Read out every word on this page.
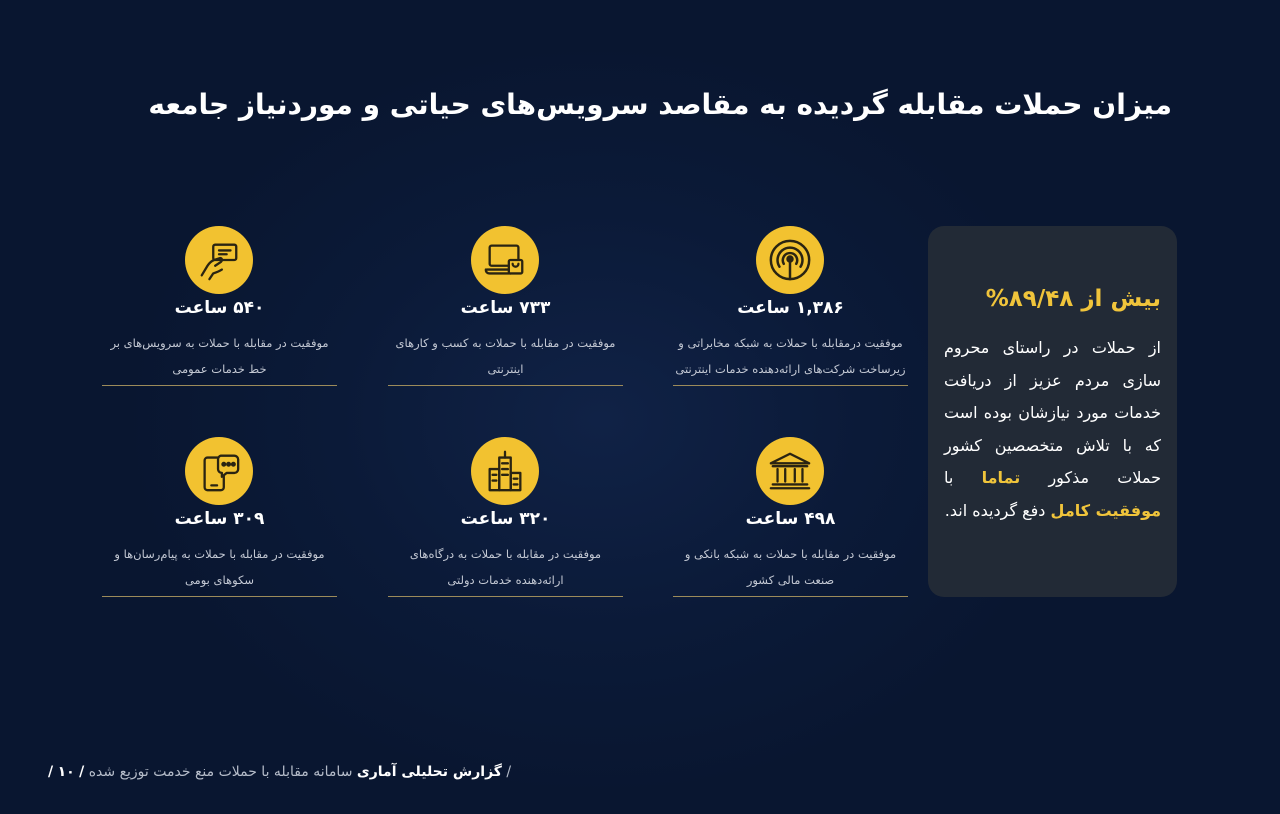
میزان حملات مقابله گردیده به مقاصد سرویس‌های حیاتی و موردنیاز جامعه
بیش از ۸۹/۴۸%

از حملات در راستای محروم سازی مردم عزیز از دریافت خدمات مورد نیازشان بوده است که با تلاش متخصصین کشور حملات مذکور تماما با موفقیت کامل دفع گردیده اند.

۱,۳۸۶ ساعت
موفقیت درمقابله با حملات به شبکه مخابراتی و زیرساخت شرکت‌های ارائه‌دهنده خدمات اینترنتی
۷۳۳ ساعت
موفقیت در مقابله با حملات به کسب و کارهای اینترنتی
۵۴۰ ساعت
موفقیت در مقابله با حملات به سرویس‌های بر خط خدمات عمومی
۴۹۸ ساعت
موفقیت در مقابله با حملات به شبکه بانکی و صنعت مالی کشور
۳۲۰ ساعت
موفقیت در مقابله با حملات به درگاه‌های ارائه‌دهنده خدمات دولتی
۳۰۹ ساعت
موفقیت در مقابله با حملات به پیام‌رسان‌ها و سکوهای بومی
/ گزارش تحلیلی آماری سامانه مقابله با حملات منع خدمت توزیع شده / ۱۰ /
